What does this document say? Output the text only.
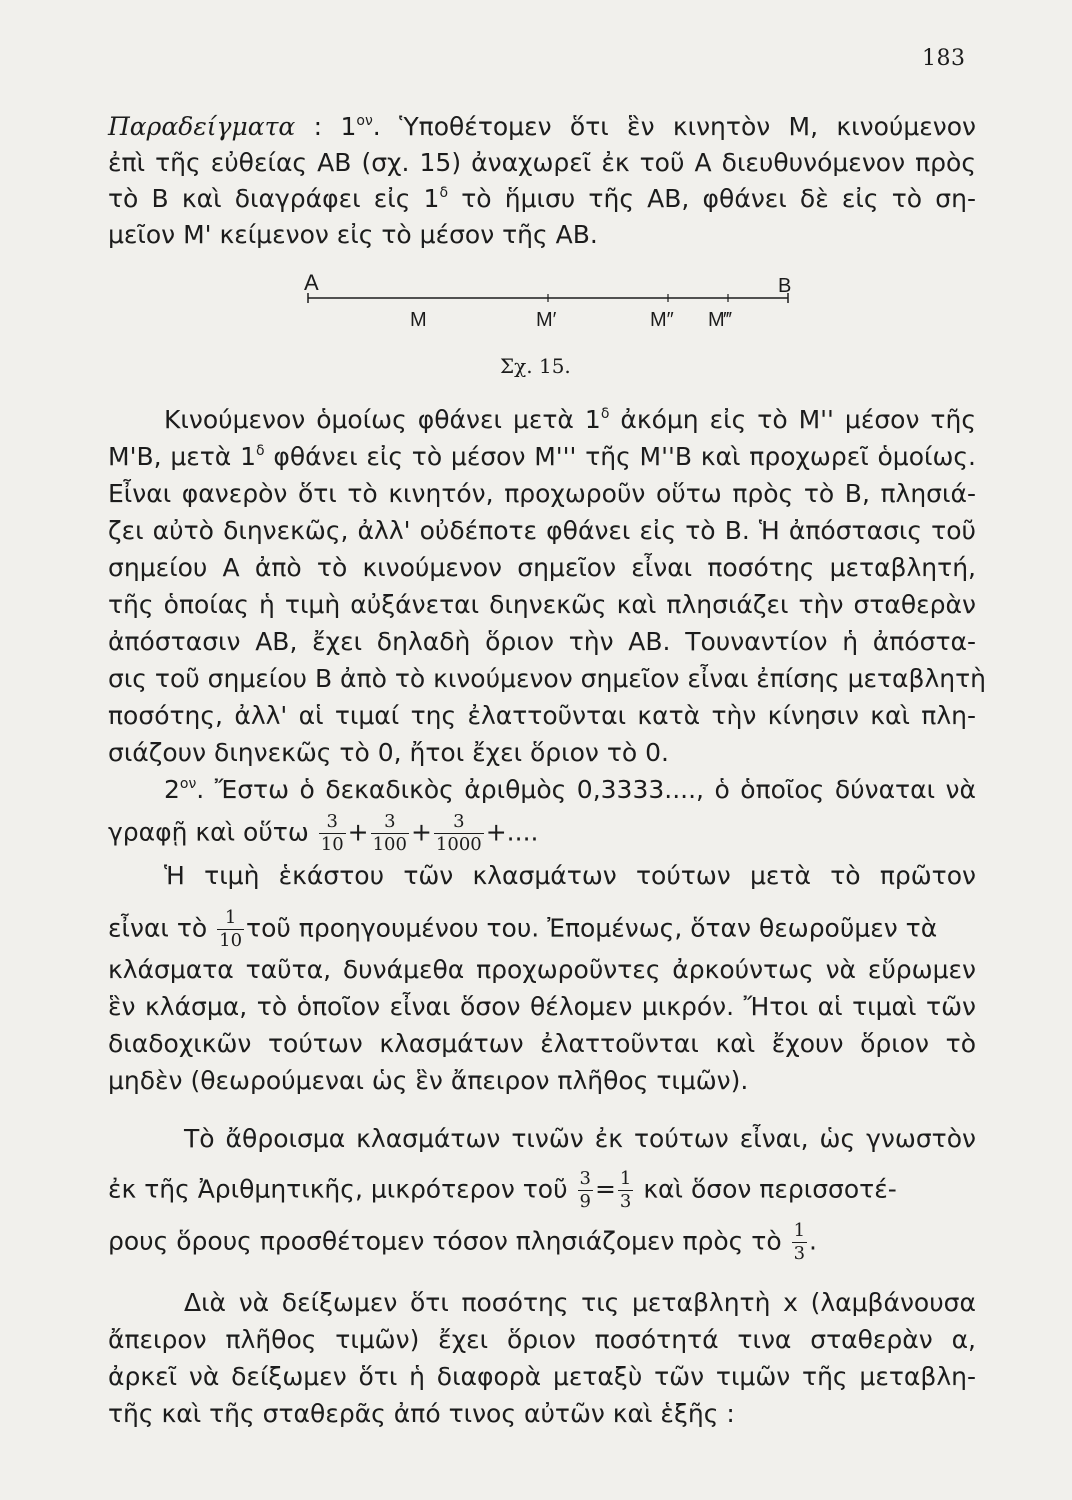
183
Παραδείγματα : $1^{o\nu}$. Ὑποθέτομεν ὅτι ἓν κινητὸν Μ, κινούμενον
ἐπὶ τῆς εὐθείας ΑΒ (σχ. 15) ἀναχωρεῖ ἐκ τοῦ Α διευθυνόμενον πρὸς
τὸ Β καὶ διαγράφει εἰς $1^\delta$ τὸ ἥμισυ τῆς ΑΒ, φθάνει δὲ εἰς τὸ ση-
μεῖον Μ' κείμενον εἰς τὸ μέσον τῆς ΑΒ.
A	B
M	M′	M″ M‴
Σχ. 15.
Κινούμενον ὁμοίως φθάνει μετὰ $1^\delta$ ἀκόμη εἰς τὸ Μ'' μέσον τῆς
Μ'Β, μετὰ $1^\delta$ φθάνει εἰς τὸ μέσον Μ''' τῆς Μ''Β καὶ προχωρεῖ ὁμοίως.
Εἶναι φανερὸν ὅτι τὸ κινητόν, προχωροῦν οὕτω πρὸς τὸ Β, πλησιά-
ζει αὐτὸ διηνεκῶς, ἀλλ' οὐδέποτε φθάνει εἰς τὸ Β. Ἡ ἀπόστασις τοῦ
σημείου Α ἀπὸ τὸ κινούμενον σημεῖον εἶναι ποσότης μεταβλητή,
τῆς ὁποίας ἡ τιμὴ αὐξάνεται διηνεκῶς καὶ πλησιάζει τὴν σταθερὰν
ἀπόστασιν ΑΒ, ἔχει δηλαδὴ ὅριον τὴν ΑΒ. Τουναντίον ἡ ἀπόστα-
σις τοῦ σημείου Β ἀπὸ τὸ κινούμενον σημεῖον εἶναι ἐπίσης μεταβλητὴ
ποσότης, ἀλλ' αἱ τιμαί της ἐλαττοῦνται κατὰ τὴν κίνησιν καὶ πλη-
σιάζουν διηνεκῶς τὸ 0, ἤτοι ἔχει ὅριον τὸ 0.
$2^{o\nu}$. Ἔστω ὁ δεκαδικὸς ἀριθμὸς 0,3333...., ὁ ὁποῖος δύναται νὰ
γραφῇ καὶ οὕτω $\frac{3}{10} + \frac{3}{100} + \frac{3}{1000}$ +....
Ἡ τιμὴ ἑκάστου τῶν κλασμάτων τούτων μετὰ τὸ πρῶτον
εἶναι τὸ $\frac{1}{10}$ τοῦ προηγουμένου του. Ἐπομένως, ὅταν θεωροῦμεν τὰ
κλάσματα ταῦτα, δυνάμεθα προχωροῦντες ἀρκούντως νὰ εὕρωμεν
ἓν κλάσμα, τὸ ὁποῖον εἶναι ὅσον θέλομεν μικρόν. Ἤτοι αἱ τιμαὶ τῶν
διαδοχικῶν τούτων κλασμάτων ἐλαττοῦνται καὶ ἔχουν ὅριον τὸ
μηδὲν (θεωρούμεναι ὡς ἓν ἄπειρον πλῆθος τιμῶν).
Τὸ ἄθροισμα κλασμάτων τινῶν ἐκ τούτων εἶναι, ὡς γνωστὸν
ἐκ τῆς Ἀριθμητικῆς, μικρότερον τοῦ $\frac{3}{9} = \frac{1}{3}$ καὶ ὅσον περισσοτέ-
ρους ὅρους προσθέτομεν τόσον πλησιάζομεν πρὸς τὸ $\frac{1}{3}$ .
Διὰ νὰ δείξωμεν ὅτι ποσότης τις μεταβλητὴ x (λαμβάνουσα
ἄπειρον πλῆθος τιμῶν) ἔχει ὅριον ποσότητά τινα σταθερὰν α,
ἀρκεῖ νὰ δείξωμεν ὅτι ἡ διαφορὰ μεταξὺ τῶν τιμῶν τῆς μεταβλη-
τῆς καὶ τῆς σταθερᾶς ἀπό τινος αὐτῶν καὶ ἑξῆς :
